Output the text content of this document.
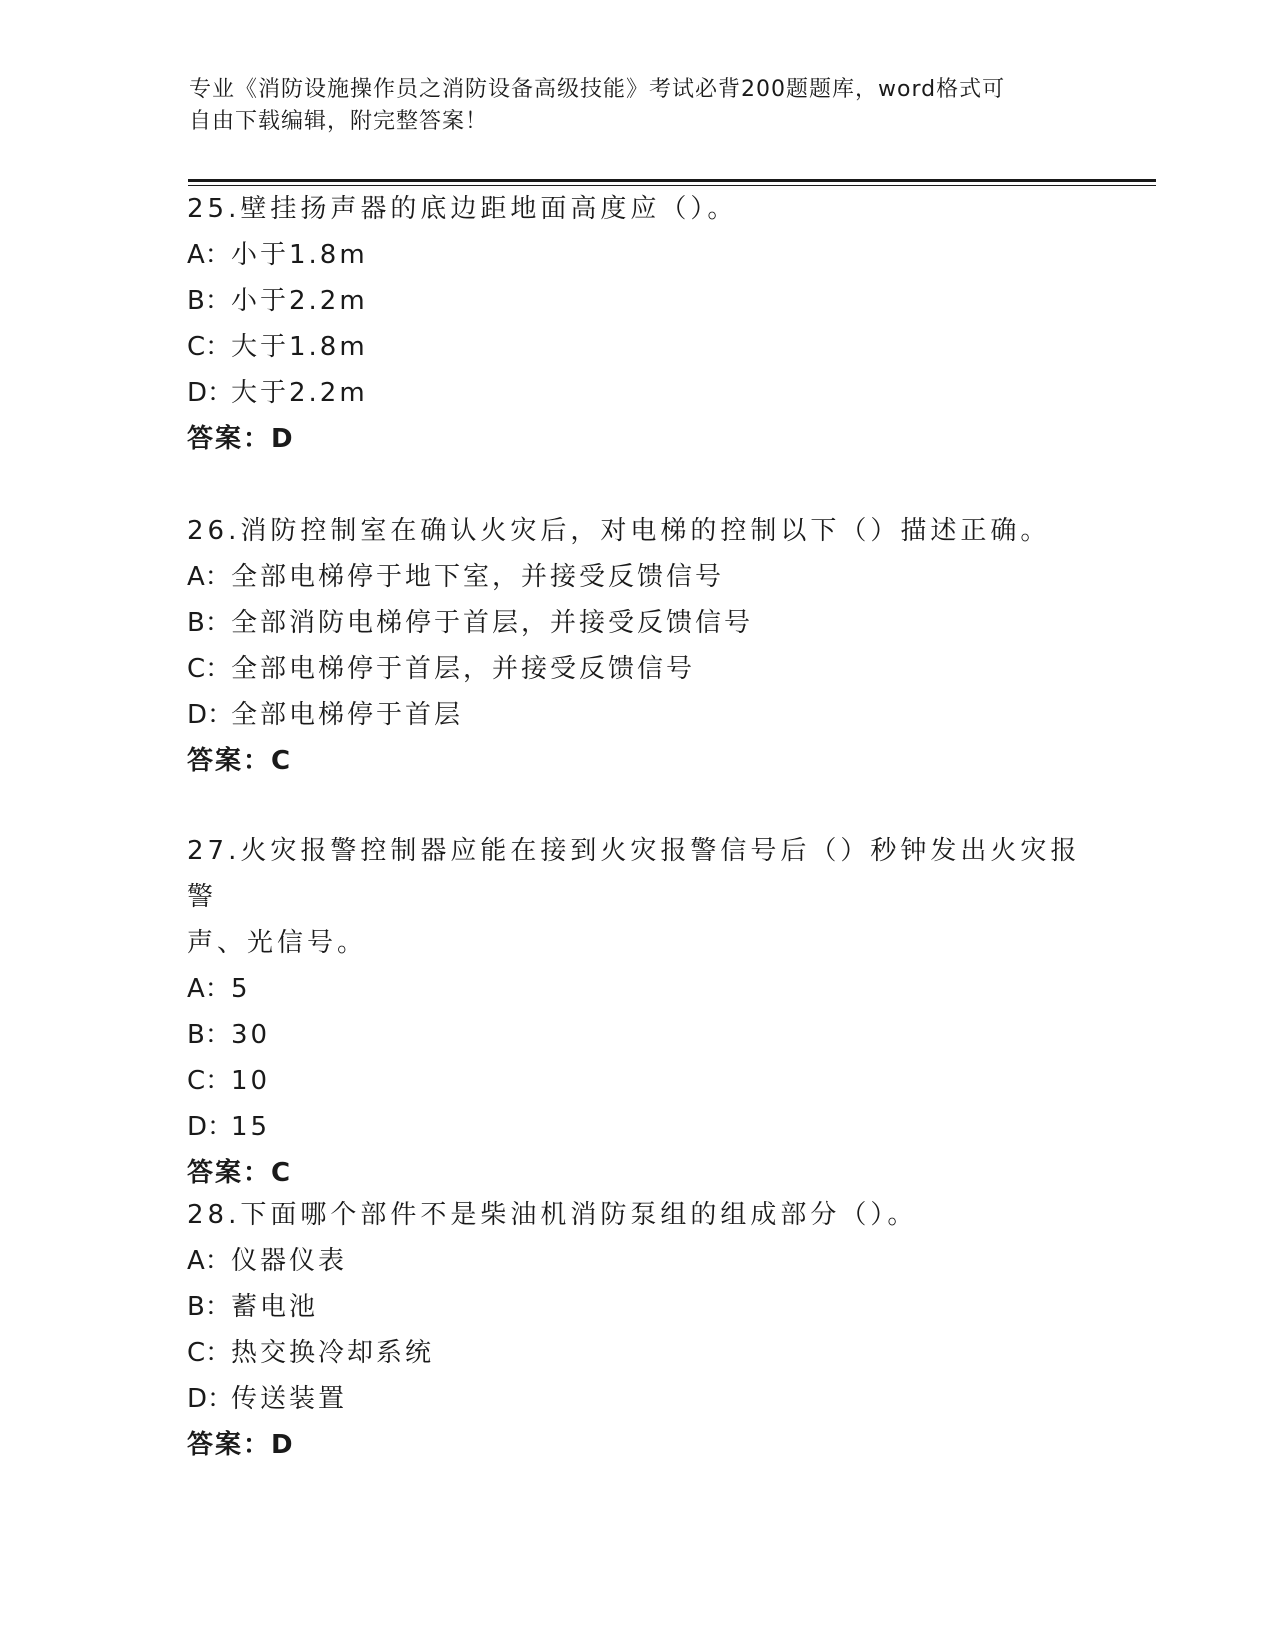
专业《消防设施操作员之消防设备高级技能》考试必背200题题库，word格式可
自由下载编辑，附完整答案！
25.壁挂扬声器的底边距地面高度应（）。
A：小于1.8m
B：小于2.2m
C：大于1.8m
D：大于2.2m
答案：D
26.消防控制室在确认火灾后，对电梯的控制以下（）描述正确。
A：全部电梯停于地下室，并接受反馈信号
B：全部消防电梯停于首层，并接受反馈信号
C：全部电梯停于首层，并接受反馈信号
D：全部电梯停于首层
答案：C
27.火灾报警控制器应能在接到火灾报警信号后（）秒钟发出火灾报警
声、光信号。
A：5
B：30
C：10
D：15
答案：C
28.下面哪个部件不是柴油机消防泵组的组成部分（）。
A：仪器仪表
B：蓄电池
C：热交换冷却系统
D：传送装置
答案：D
